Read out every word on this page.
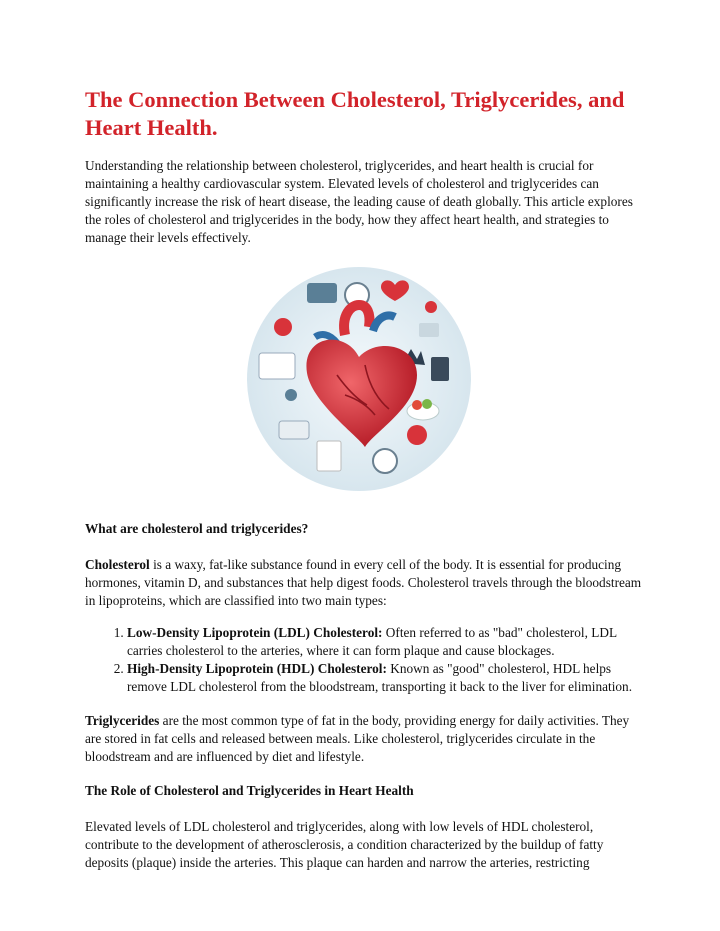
The Connection Between Cholesterol, Triglycerides, and Heart Health.

Understanding the relationship between cholesterol, triglycerides, and heart health is crucial for maintaining a healthy cardiovascular system. Elevated levels of cholesterol and triglycerides can significantly increase the risk of heart disease, the leading cause of death globally. This article explores the roles of cholesterol and triglycerides in the body, how they affect heart health, and strategies to manage their levels effectively.

What are cholesterol and triglycerides?

Cholesterol is a waxy, fat-like substance found in every cell of the body. It is essential for producing hormones, vitamin D, and substances that help digest foods. Cholesterol travels through the bloodstream in lipoproteins, which are classified into two main types:

1. Low-Density Lipoprotein (LDL) Cholesterol: Often referred to as "bad" cholesterol, LDL carries cholesterol to the arteries, where it can form plaque and cause blockages.
2. High-Density Lipoprotein (HDL) Cholesterol: Known as "good" cholesterol, HDL helps remove LDL cholesterol from the bloodstream, transporting it back to the liver for elimination.

Triglycerides are the most common type of fat in the body, providing energy for daily activities. They are stored in fat cells and released between meals. Like cholesterol, triglycerides circulate in the bloodstream and are influenced by diet and lifestyle.

The Role of Cholesterol and Triglycerides in Heart Health

Elevated levels of LDL cholesterol and triglycerides, along with low levels of HDL cholesterol, contribute to the development of atherosclerosis, a condition characterized by the buildup of fatty deposits (plaque) inside the arteries. This plaque can harden and narrow the arteries, restricting
